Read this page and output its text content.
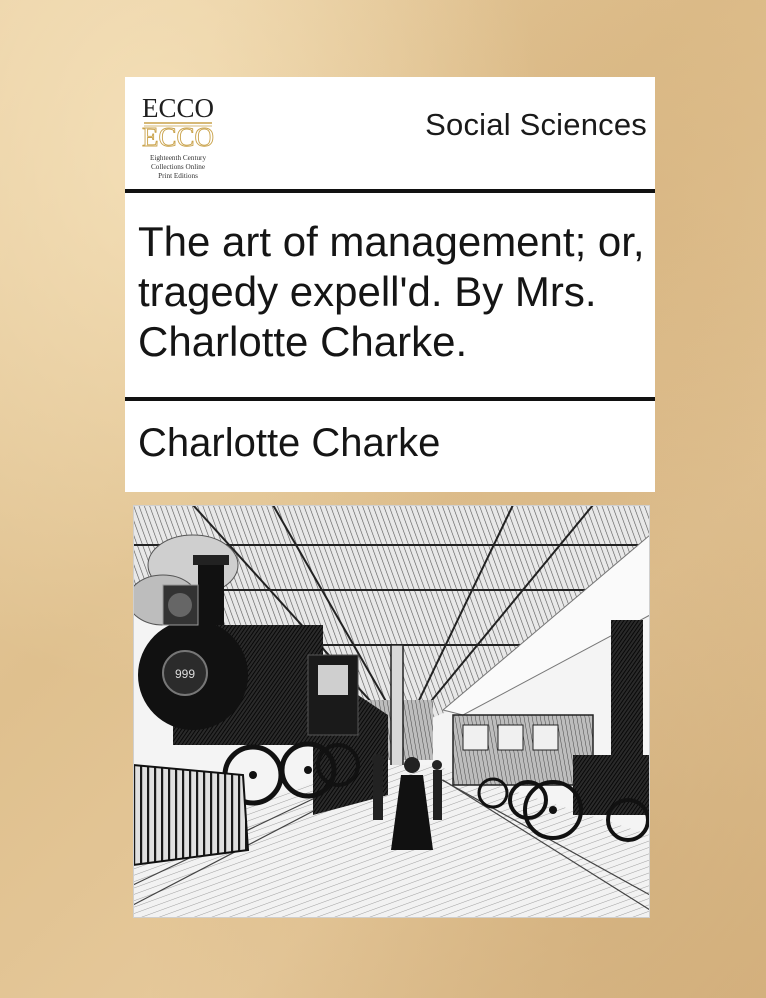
ECCO
ECCO
Eighteenth Century
Collections Online
Print Editions
Social Sciences
The art of management; or, tragedy expell'd. By Mrs. Charlotte Charke.
Charlotte Charke
999
